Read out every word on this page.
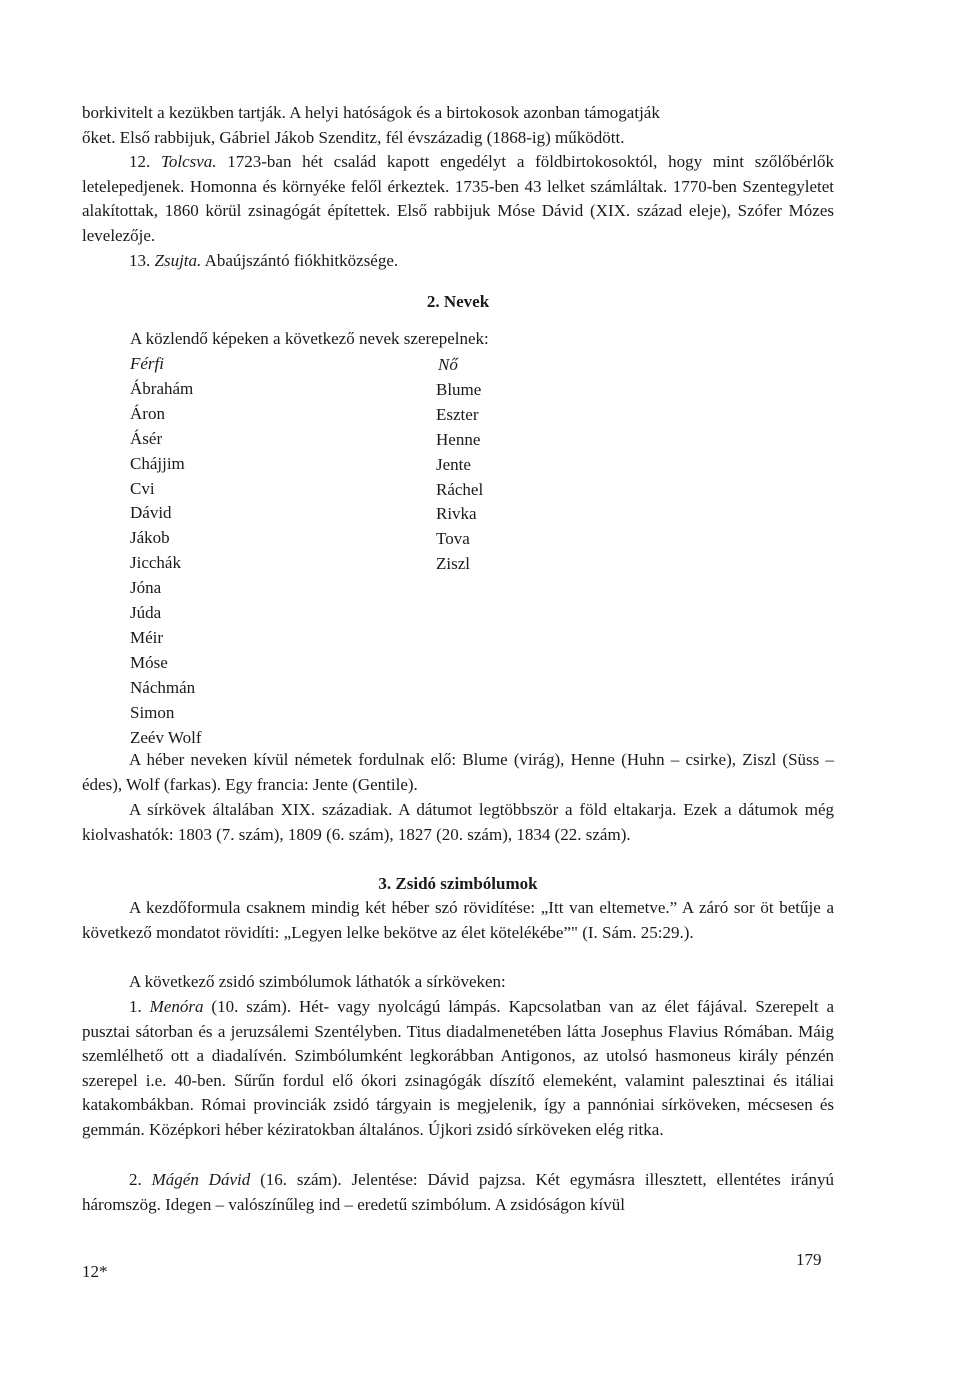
borkivitelt a kezükben tartják. A helyi hatóságok és a birtokosok azonban támogatják
őket. Első rabbijuk, Gábriel Jákob Szenditz, fél évszázadig (1868-ig) működött.

12. Tolcsva. 1723-ban hét család kapott engedélyt a földbirtokosoktól, hogy mint szőlőbérlők letelepedjenek. Homonna és környéke felől érkeztek. 1735-ben 43 lelket számláltak. 1770-ben Szentegyletet alakítottak, 1860 körül zsinagógát építettek. Első rabbijuk Móse Dávid (XIX. század eleje), Szófer Mózes levelezője.

13. Zsujta. Abaújszántó fiókhitközsége.

2. Nevek
A közlendő képeken a következő nevek szerepelnek:
Férfi
Ábrahám
Áron
Ásér
Chájjim
Cvi
Dávid
Jákob
Jicchák
Jóna
Júda
Méir
Móse
Náchmán
Simon
Zeév Wolf
Nő
Blume
Eszter
Henne
Jente
Ráchel
Rivka
Tova
Ziszl

A héber neveken kívül németek fordulnak elő: Blume (virág), Henne (Huhn – csirke), Ziszl (Süss – édes), Wolf (farkas). Egy francia: Jente (Gentile).

A sírkövek általában XIX. századiak. A dátumot legtöbbször a föld eltakarja. Ezek a dátumok még kiolvashatók: 1803 (7. szám), 1809 (6. szám), 1827 (20. szám), 1834 (22. szám).

3. Zsidó szimbólumok

A kezdőformula csaknem mindig két héber szó rövidítése: „Itt van eltemetve.” A záró sor öt betűje a következő mondatot rövidíti: „Legyen lelke bekötve az élet kötelékébe”" (I. Sám. 25:29.).

A következő zsidó szimbólumok láthatók a sírköveken:

1. Menóra (10. szám). Hét- vagy nyolcágú lámpás. Kapcsolatban van az élet fájával. Szerepelt a pusztai sátorban és a jeruzsálemi Szentélyben. Titus diadalmenetében látta Josephus Flavius Rómában. Máig szemlélhető ott a diadalívén. Szimbólumként legkorábban Antigonos, az utolsó hasmoneus király pénzén szerepel i.e. 40-ben. Sűrűn fordul elő ókori zsinagógák díszítő elemeként, valamint palesztinai és itáliai katakombákban. Római provinciák zsidó tárgyain is megjelenik, így a pannóniai sírköveken, mécsesen és gemmán. Középkori héber kéziratokban általános. Újkori zsidó sírköveken elég ritka.

2. Mágén Dávid (16. szám). Jelentése: Dávid pajzsa. Két egymásra illesztett, ellentétes irányú háromszög. Idegen – valószínűleg ind – eredetű szimbólum. A zsidóságon kívül

12*
179
